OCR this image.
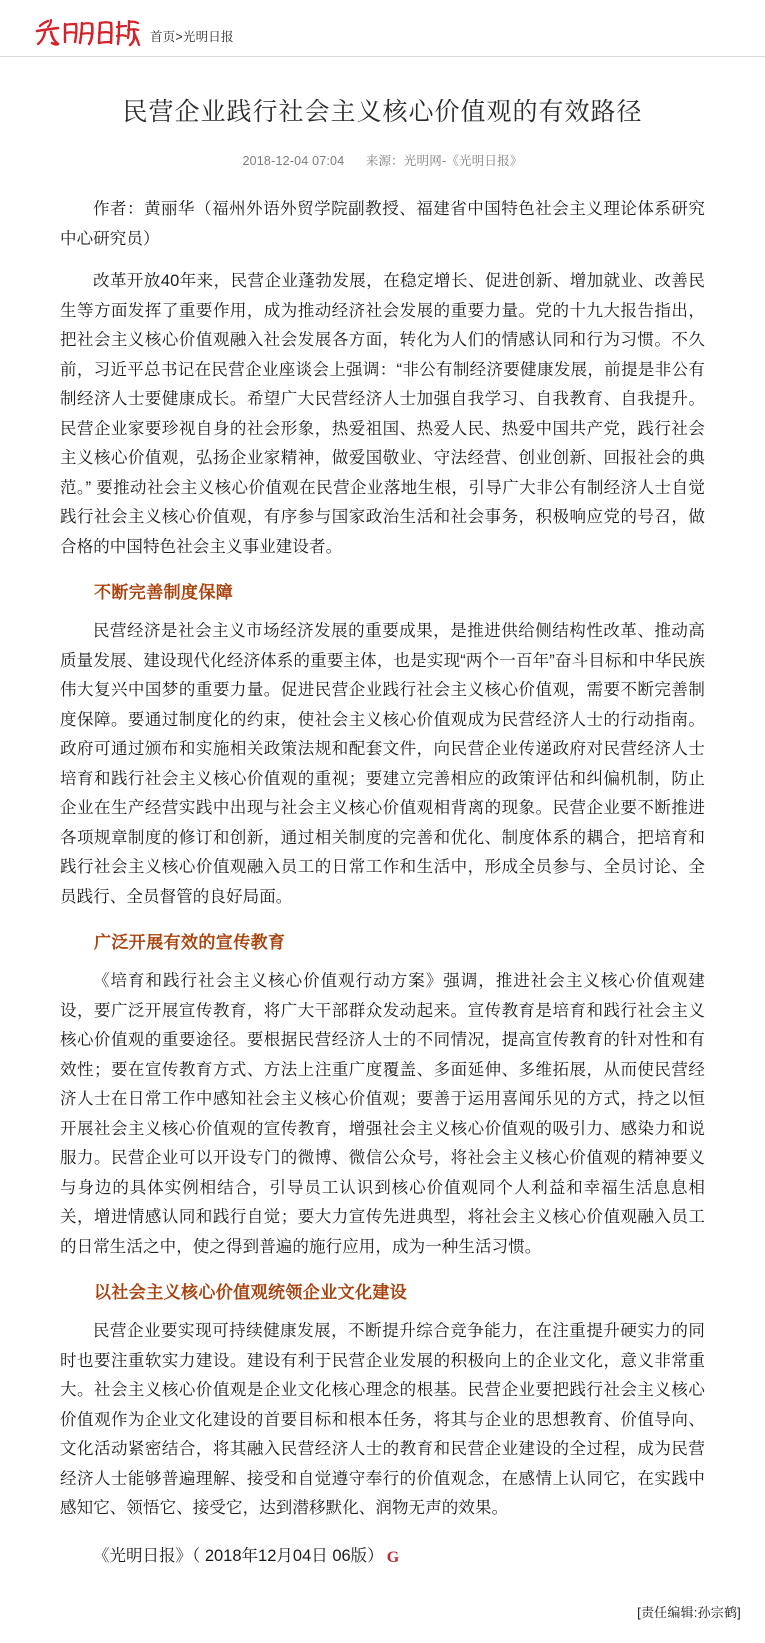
首页>光明日报
民营企业践行社会主义核心价值观的有效路径
2018-12-04 07:04 来源：光明网-《光明日报》

作者：黄丽华（福州外语外贸学院副教授、福建省中国特色社会主义理论体系研究中心研究员）

改革开放40年来，民营企业蓬勃发展，在稳定增长、促进创新、增加就业、改善民生等方面发挥了重要作用，成为推动经济社会发展的重要力量。党的十九大报告指出，把社会主义核心价值观融入社会发展各方面，转化为人们的情感认同和行为习惯。不久前，习近平总书记在民营企业座谈会上强调：“非公有制经济要健康发展，前提是非公有制经济人士要健康成长。希望广大民营经济人士加强自我学习、自我教育、自我提升。民营企业家要珍视自身的社会形象，热爱祖国、热爱人民、热爱中国共产党，践行社会主义核心价值观，弘扬企业家精神，做爱国敬业、守法经营、创业创新、回报社会的典范。” 要推动社会主义核心价值观在民营企业落地生根，引导广大非公有制经济人士自觉践行社会主义核心价值观，有序参与国家政治生活和社会事务，积极响应党的号召，做合格的中国特色社会主义事业建设者。

不断完善制度保障

民营经济是社会主义市场经济发展的重要成果，是推进供给侧结构性改革、推动高质量发展、建设现代化经济体系的重要主体，也是实现“两个一百年”奋斗目标和中华民族伟大复兴中国梦的重要力量。促进民营企业践行社会主义核心价值观，需要不断完善制度保障。要通过制度化的约束，使社会主义核心价值观成为民营经济人士的行动指南。政府可通过颁布和实施相关政策法规和配套文件，向民营企业传递政府对民营经济人士培育和践行社会主义核心价值观的重视；要建立完善相应的政策评估和纠偏机制，防止企业在生产经营实践中出现与社会主义核心价值观相背离的现象。民营企业要不断推进各项规章制度的修订和创新，通过相关制度的完善和优化、制度体系的耦合，把培育和践行社会主义核心价值观融入员工的日常工作和生活中，形成全员参与、全员讨论、全员践行、全员督管的良好局面。

广泛开展有效的宣传教育

《培育和践行社会主义核心价值观行动方案》强调，推进社会主义核心价值观建设，要广泛开展宣传教育，将广大干部群众发动起来。宣传教育是培育和践行社会主义核心价值观的重要途径。要根据民营经济人士的不同情况，提高宣传教育的针对性和有效性；要在宣传教育方式、方法上注重广度覆盖、多面延伸、多维拓展，从而使民营经济人士在日常工作中感知社会主义核心价值观；要善于运用喜闻乐见的方式，持之以恒开展社会主义核心价值观的宣传教育，增强社会主义核心价值观的吸引力、感染力和说服力。民营企业可以开设专门的微博、微信公众号，将社会主义核心价值观的精神要义与身边的具体实例相结合，引导员工认识到核心价值观同个人利益和幸福生活息息相关，增进情感认同和践行自觉；要大力宣传先进典型，将社会主义核心价值观融入员工的日常生活之中，使之得到普遍的施行应用，成为一种生活习惯。

以社会主义核心价值观统领企业文化建设

民营企业要实现可持续健康发展，不断提升综合竞争能力，在注重提升硬实力的同时也要注重软实力建设。建设有利于民营企业发展的积极向上的企业文化，意义非常重大。社会主义核心价值观是企业文化核心理念的根基。民营企业要把践行社会主义核心价值观作为企业文化建设的首要目标和根本任务，将其与企业的思想教育、价值导向、文化活动紧密结合，将其融入民营经济人士的教育和民营企业建设的全过程，成为民营经济人士能够普遍理解、接受和自觉遵守奉行的价值观念，在感情上认同它，在实践中感知它、领悟它、接受它，达到潜移默化、润物无声的效果。

《光明日报》（ 2018年12月04日 06版） G

[责任编辑:孙宗鹤]
